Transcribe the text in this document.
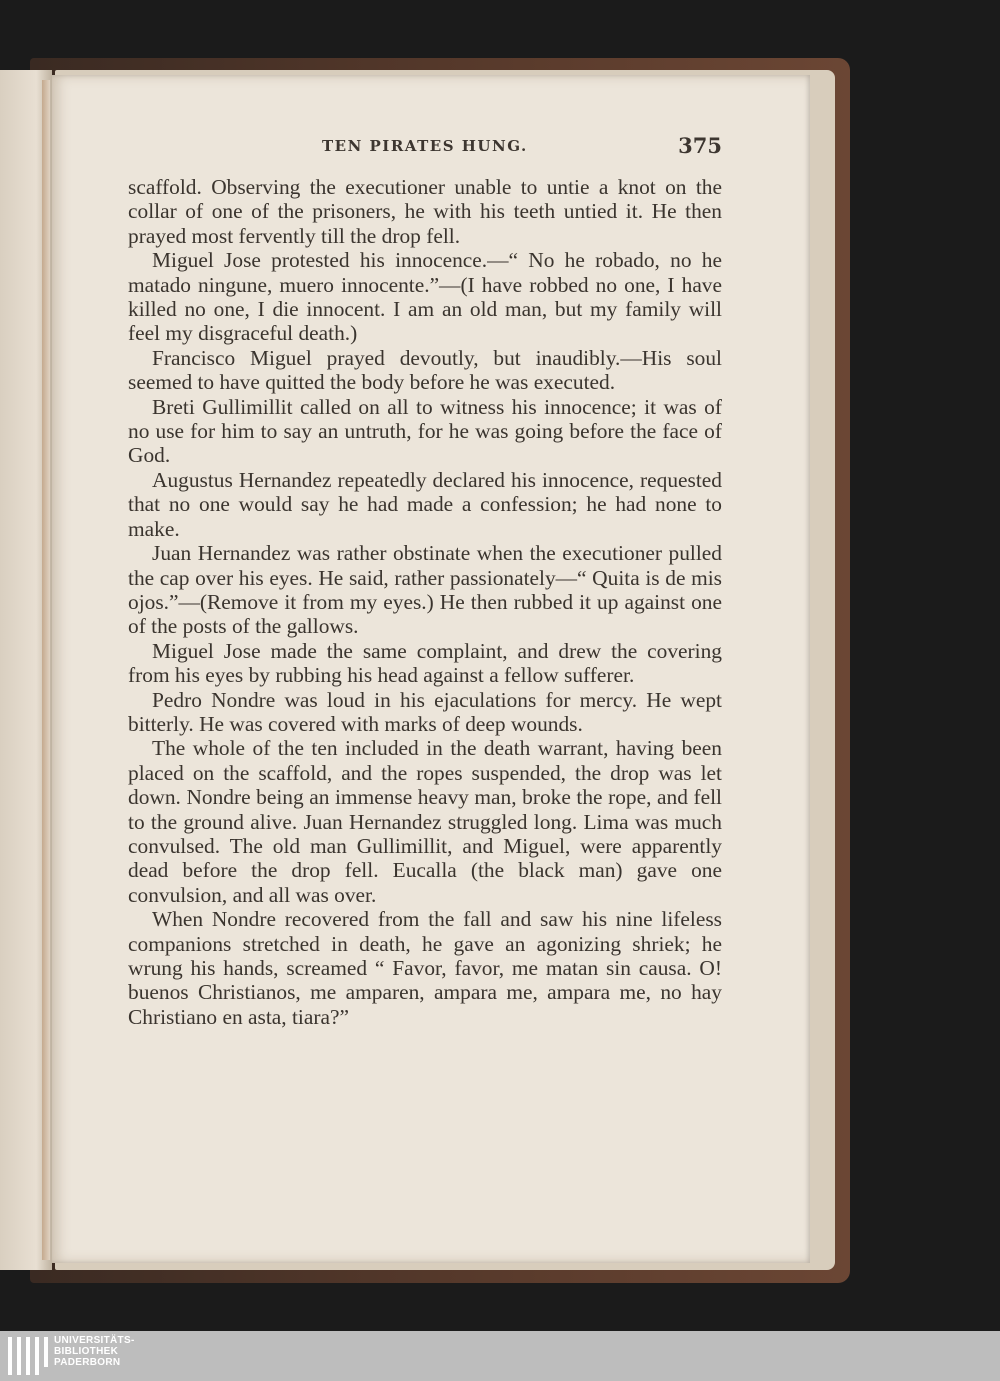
TEN PIRATES HUNG.	375

scaffold. Observing the executioner unable to untie a knot on the collar of one of the prisoners, he with his teeth untied it. He then prayed most fervently till the drop fell.

Miguel Jose protested his innocence.—“ No he robado, no he matado ningune, muero innocente.”—(I have robbed no one, I have killed no one, I die innocent. I am an old man, but my family will feel my disgraceful death.)

Francisco Miguel prayed devoutly, but inaudibly.—His soul seemed to have quitted the body before he was executed.

Breti Gullimillit called on all to witness his innocence; it was of no use for him to say an untruth, for he was going before the face of God.

Augustus Hernandez repeatedly declared his innocence, requested that no one would say he had made a confession; he had none to make.

Juan Hernandez was rather obstinate when the executioner pulled the cap over his eyes. He said, rather passionately—“ Quita is de mis ojos.”—(Remove it from my eyes.) He then rubbed it up against one of the posts of the gallows.

Miguel Jose made the same complaint, and drew the covering from his eyes by rubbing his head against a fellow sufferer.

Pedro Nondre was loud in his ejaculations for mercy. He wept bitterly. He was covered with marks of deep wounds.

The whole of the ten included in the death warrant, having been placed on the scaffold, and the ropes suspended, the drop was let down. Nondre being an immense heavy man, broke the rope, and fell to the ground alive. Juan Hernandez struggled long. Lima was much convulsed. The old man Gullimillit, and Miguel, were apparently dead before the drop fell. Eucalla (the black man) gave one convulsion, and all was over.

When Nondre recovered from the fall and saw his nine lifeless companions stretched in death, he gave an agonizing shriek; he wrung his hands, screamed “ Favor, favor, me matan sin causa. O! buenos Christianos, me amparen, ampara me, ampara me, no hay Christiano en asta, tiara?”

UNIVERSITÄTS-
BIBLIOTHEK
PADERBORN
